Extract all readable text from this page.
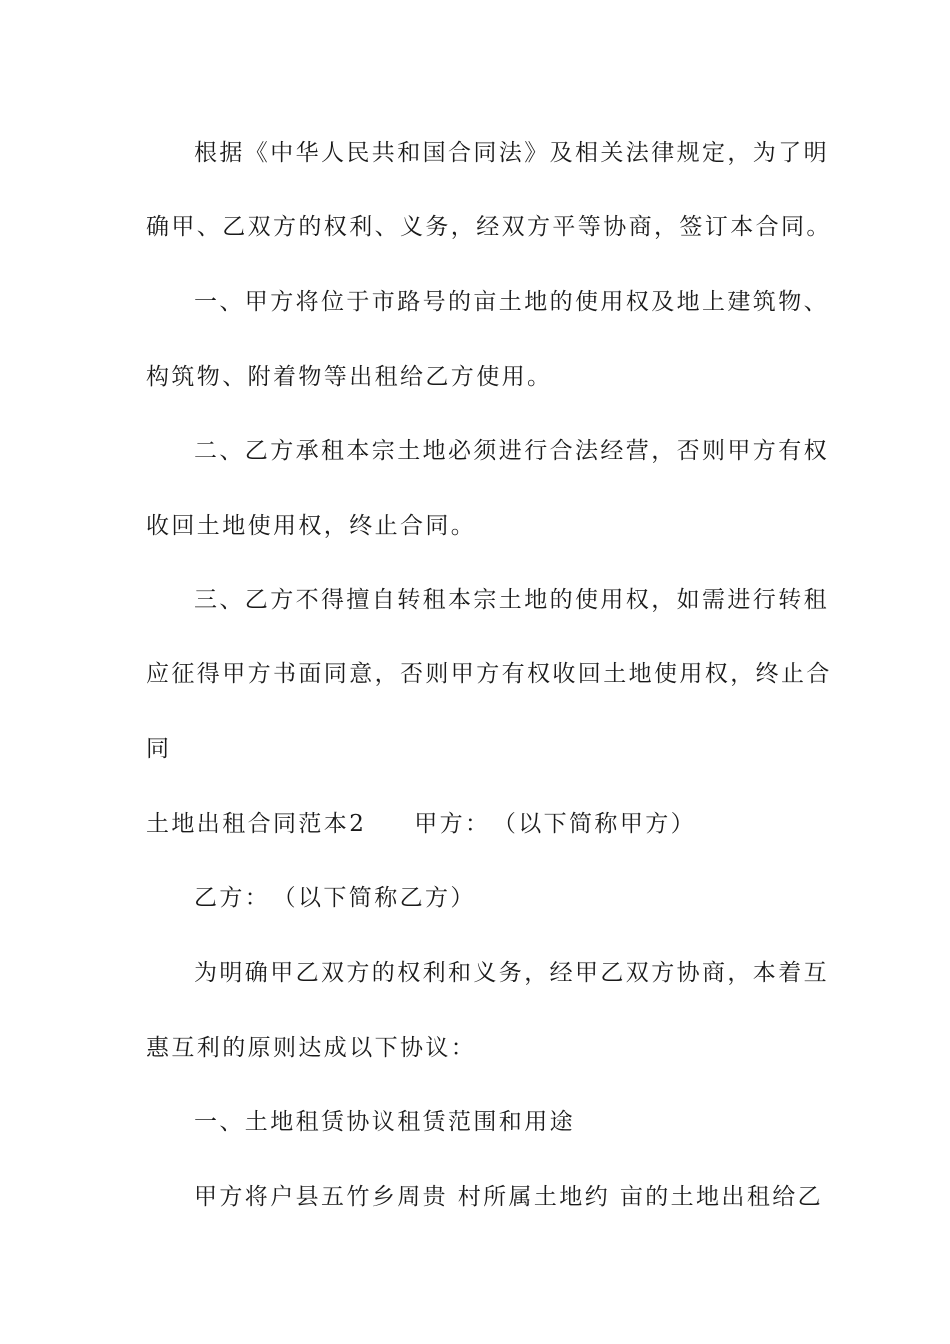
根据《中华人民共和国合同法》及相关法律规定，为了明
确甲、乙双方的权利、义务，经双方平等协商，签订本合同。
一、甲方将位于市路号的亩土地的使用权及地上建筑物、
构筑物、附着物等出租给乙方使用。
二、乙方承租本宗土地必须进行合法经营，否则甲方有权
收回土地使用权，终止合同。
三、乙方不得擅自转租本宗土地的使用权，如需进行转租
应征得甲方书面同意，否则甲方有权收回土地使用权，终止合
同
土地出租合同范本2 甲方：　（以下简称甲方）
乙方：　（以下简称乙方）
为明确甲乙双方的权利和义务，经甲乙双方协商，本着互
惠互利的原则达成以下协议：
一、土地租赁协议租赁范围和用途
甲方将户县五竹乡周贵 村所属土地约 亩的土地出租给乙
